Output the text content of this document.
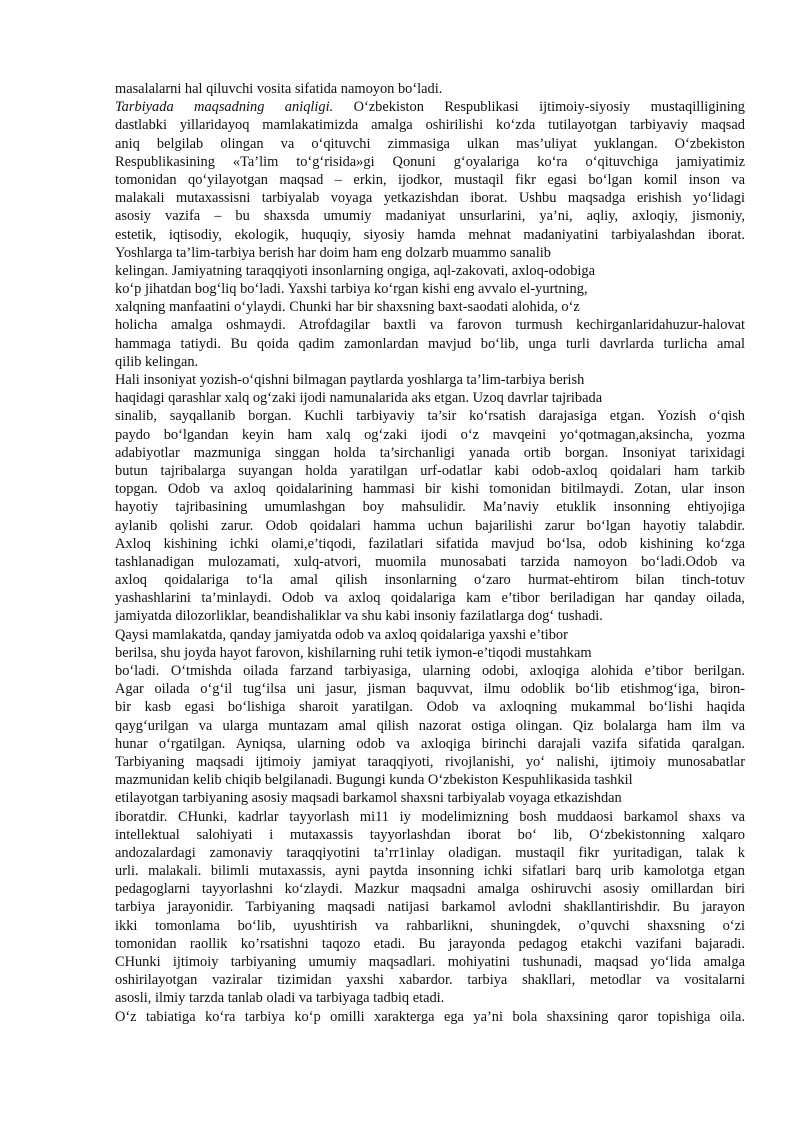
masalalarni hal qiluvchi vosita sifatida namoyon bo‘ladi.
Tarbiyada maqsadning aniqligi. O‘zbekiston Respublikasi ijtimoiy-siyosiy mustaqilligining
dastlabki yillaridayoq mamlakatimizda amalga oshirilishi ko‘zda tutilayotgan tarbiyaviy maqsad
aniq belgilab olingan va o‘qituvchi zimmasiga ulkan mas’uliyat yuklangan. O‘zbekiston
Respublikasining «Ta’lim to‘g‘risida»gi Qonuni g‘oyalariga ko‘ra o‘qituvchiga jamiyatimiz
tomonidan qo‘yilayotgan maqsad – erkin, ijodkor, mustaqil fikr egasi bo‘lgan komil inson va
malakali mutaxassisni tarbiyalab voyaga yetkazishdan iborat. Ushbu maqsadga erishish yo‘lidagi
asosiy vazifa – bu shaxsda umumiy madaniyat unsurlarini, ya’ni, aqliy, axloqiy, jismoniy,
estetik, iqtisodiy, ekologik, huquqiy, siyosiy hamda mehnat madaniyatini tarbiyalashdan iborat.
Yoshlarga ta’lim-tarbiya berish har doim ham eng dolzarb muammo sanalib
kelingan. Jamiyatning taraqqiyoti insonlarning ongiga, aql-zakovati, axloq-odobiga
ko‘p jihatdan bog‘liq bo‘ladi. Yaxshi tarbiya ko‘rgan kishi eng avvalo el-yurtning,
xalqning manfaatini o‘ylaydi. Chunki har bir shaxsning baxt-saodati alohida, o‘z
holicha amalga oshmaydi. Atrofdagilar baxtli va farovon turmush kechirganlaridahuzur-halovat
hammaga tatiydi. Bu qoida qadim zamonlardan mavjud bo‘lib, unga turli davrlarda turlicha amal
qilib kelingan.
Hali insoniyat yozish-o‘qishni bilmagan paytlarda yoshlarga ta’lim-tarbiya berish
haqidagi qarashlar xalq og‘zaki ijodi namunalarida aks etgan. Uzoq davrlar tajribada
sinalib, sayqallanib borgan. Kuchli tarbiyaviy ta’sir ko‘rsatish darajasiga etgan. Yozish o‘qish
paydo bo‘lgandan keyin ham xalq og‘zaki ijodi o‘z mavqeini yo‘qotmagan,aksincha, yozma
adabiyotlar mazmuniga singgan holda ta’sirchanligi yanada ortib borgan. Insoniyat tarixidagi
butun tajribalarga suyangan holda yaratilgan urf-odatlar kabi odob-axloq qoidalari ham tarkib
topgan. Odob va axloq qoidalarining hammasi bir kishi tomonidan bitilmaydi. Zotan, ular inson
hayotiy tajribasining umumlashgan boy mahsulidir. Ma’naviy etuklik insonning ehtiyojiga
aylanib qolishi zarur. Odob qoidalari hamma uchun bajarilishi zarur bo‘lgan hayotiy talabdir.
Axloq kishining ichki olami,e’tiqodi, fazilatlari sifatida mavjud bo‘lsa, odob kishining ko‘zga
tashlanadigan mulozamati, xulq-atvori, muomila munosabati tarzida namoyon bo‘ladi.Odob va
axloq qoidalariga to‘la amal qilish insonlarning o‘zaro hurmat-ehtirom bilan tinch-totuv
yashashlarini ta’minlaydi. Odob va axloq qoidalariga kam e’tibor beriladigan har qanday oilada,
jamiyatda dilozorliklar, beandishaliklar va shu kabi insoniy fazilatlarga dog‘ tushadi.
Qaysi mamlakatda, qanday jamiyatda odob va axloq qoidalariga yaxshi e’tibor
berilsa, shu joyda hayot farovon, kishilarning ruhi tetik iymon-e’tiqodi mustahkam
bo‘ladi. O‘tmishda oilada farzand tarbiyasiga, ularning odobi, axloqiga alohida e’tibor berilgan.
Agar oilada o‘g‘il tug‘ilsa uni jasur, jisman baquvvat, ilmu odoblik bo‘lib etishmog‘iga, biron-
bir kasb egasi bo‘lishiga sharoit yaratilgan. Odob va axloqning mukammal bo‘lishi haqida
qayg‘urilgan va ularga muntazam amal qilish nazorat ostiga olingan. Qiz bolalarga ham ilm va
hunar o‘rgatilgan. Ayniqsa, ularning odob va axloqiga birinchi darajali vazifa sifatida qaralgan.
Tarbiyaning maqsadi ijtimoiy jamiyat taraqqiyoti, rivojlanishi, yo‘ nalishi, ijtimoiy munosabatlar
mazmunidan kelib chiqib belgilanadi. Bugungi kunda O‘zbekiston Kespuhlikasida tashkil
etilayotgan tarbiyaning asosiy maqsadi barkamol shaxsni tarbiyalab voyaga etkazishdan
iboratdir. CHunki, kadrlar tayyorlash mi11 iy modelimizning bosh muddaosi barkamol shaxs va
intellektual salohiyati i mutaxassis tayyorlashdan iborat bo‘ lib, O‘zbekistonning xalqaro
andozalardagi zamonaviy taraqqiyotini ta’rr1inlay oladigan. mustaqil fikr yuritadigan, talak k
urli. malakali. bilimli mutaxassis, ayni paytda insonning ichki sifatlari barq urib kamolotga etgan
pedagoglarni tayyorlashni ko‘zlaydi. Mazkur maqsadni amalga oshiruvchi asosiy omillardan biri
tarbiya jarayonidir. Tarbiyaning maqsadi natijasi barkamol avlodni shakllantirishdir. Bu jarayon
ikki tomonlama bo‘lib, uyushtirish va rahbarlikni, shuningdek, o’quvchi shaxsning o‘zi
tomonidan raollik ko’rsatishni taqozo etadi. Bu jarayonda pedagog etakchi vazifani bajaradi.
CHunki ijtimoiy tarbiyaning umumiy maqsadlari. mohiyatini tushunadi, maqsad yo‘lida amalga
oshirilayotgan vaziralar tizimidan yaxshi xabardor. tarbiya shakllari, metodlar va vositalarni
asosli, ilmiy tarzda tanlab oladi va tarbiyaga tadbiq etadi.
O‘z tabiatiga ko‘ra tarbiya ko‘p omilli xarakterga ega ya’ni bola shaxsining qaror topishiga oila.
